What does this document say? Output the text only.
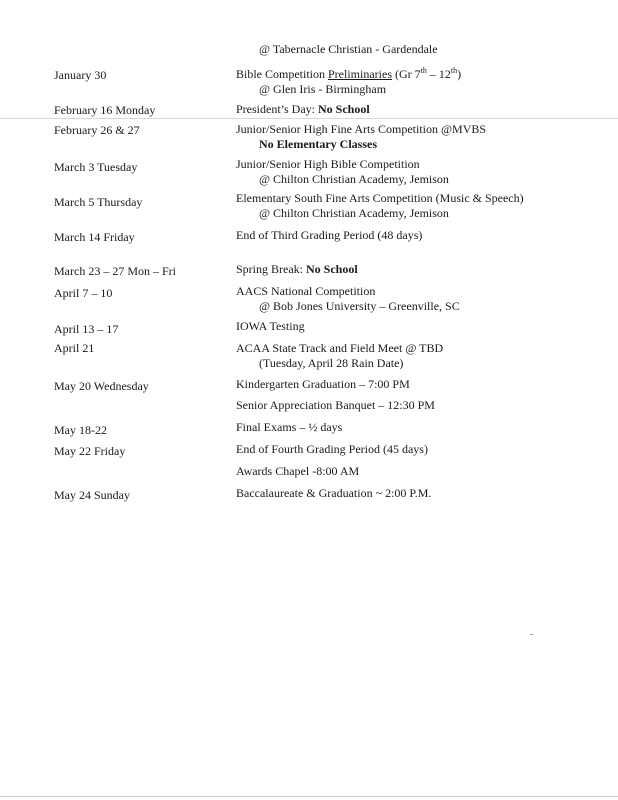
@ Tabernacle Christian - Gardendale
January 30	Bible Competition Preliminaries (Gr 7th – 12th)
@ Glen Iris - Birmingham
February 16 Monday	President’s Day: No School
February 26 & 27	Junior/Senior High Fine Arts Competition @MVBS
No Elementary Classes
March 3 Tuesday	Junior/Senior High Bible Competition
@ Chilton Christian Academy, Jemison
March 5 Thursday	Elementary South Fine Arts Competition (Music & Speech)
@ Chilton Christian Academy, Jemison
March 14 Friday	End of Third Grading Period (48 days)
March 23 – 27 Mon – Fri	Spring Break: No School
April 7 – 10	AACS National Competition
@ Bob Jones University – Greenville, SC
April 13 – 17	IOWA Testing
April 21	ACAA State Track and Field Meet @ TBD
(Tuesday, April 28 Rain Date)
May 20 Wednesday	Kindergarten Graduation – 7:00 PM
Senior Appreciation Banquet – 12:30 PM
May 18-22	Final Exams – ½ days
May 22 Friday	End of Fourth Grading Period (45 days)
Awards Chapel -8:00 AM
May 24 Sunday	Baccalaureate & Graduation ~ 2:00 P.M.
